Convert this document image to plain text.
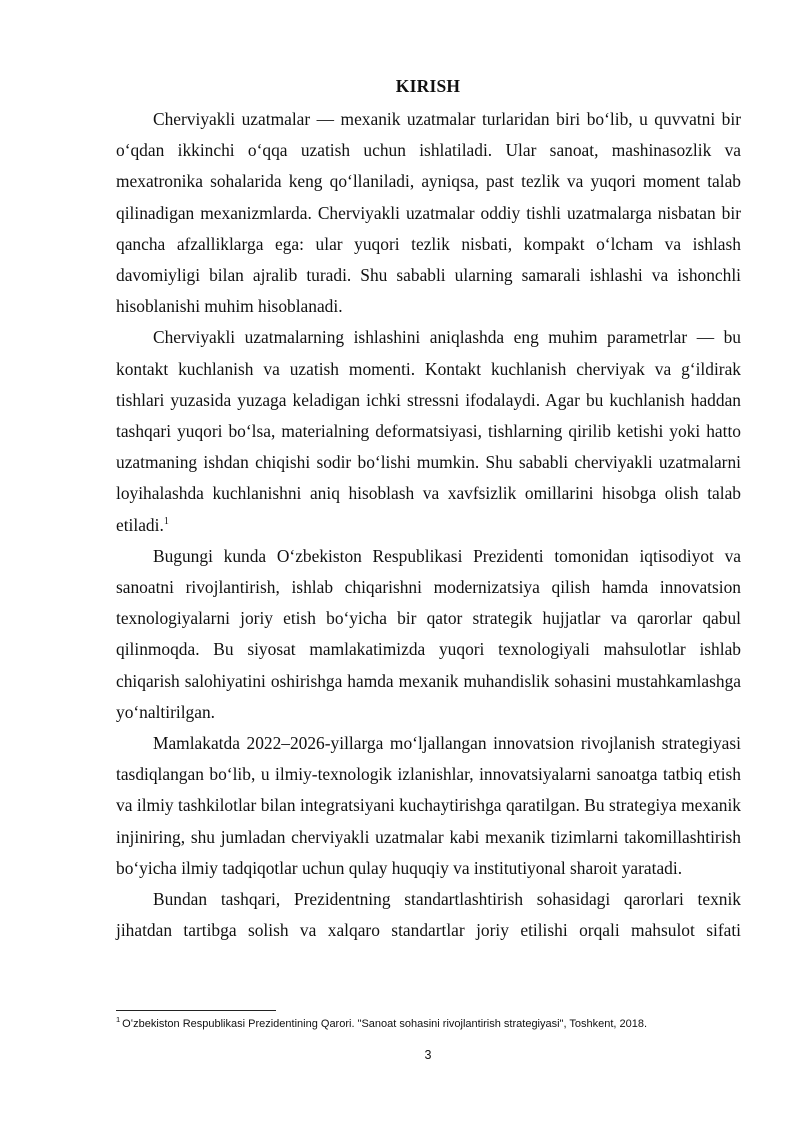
KIRISH

Cherviyakli uzatmalar — mexanik uzatmalar turlaridan biri boʻlib, u quvvatni bir oʻqdan ikkinchi oʻqqa uzatish uchun ishlatiladi. Ular sanoat, mashinasozlik va mexatronika sohalarida keng qoʻllaniladi, ayniqsa, past tezlik va yuqori moment talab qilinadigan mexanizmlarda. Cherviyakli uzatmalar oddiy tishli uzatmalarga nisbatan bir qancha afzalliklarga ega: ular yuqori tezlik nisbati, kompakt oʻlcham va ishlash davomiyligi bilan ajralib turadi. Shu sababli ularning samarali ishlashi va ishonchli hisoblanishi muhim hisoblanadi.

Cherviyakli uzatmalarning ishlashini aniqlashda eng muhim parametrlar — bu kontakt kuchlanish va uzatish momenti. Kontakt kuchlanish cherviyak va gʻildirak tishlari yuzasida yuzaga keladigan ichki stressni ifodalaydi. Agar bu kuchlanish haddan tashqari yuqori boʻlsa, materialning deformatsiyasi, tishlarning qirilib ketishi yoki hatto uzatmaning ishdan chiqishi sodir boʻlishi mumkin. Shu sababli cherviyakli uzatmalarni loyihalashda kuchlanishni aniq hisoblash va xavfsizlik omillarini hisobga olish talab etiladi.$^1$

Bugungi kunda Oʻzbekiston Respublikasi Prezidenti tomonidan iqtisodiyot va sanoatni rivojlantirish, ishlab chiqarishni modernizatsiya qilish hamda innovatsion texnologiyalarni joriy etish boʻyicha bir qator strategik hujjatlar va qarorlar qabul qilinmoqda. Bu siyosat mamlakatimizda yuqori texnologiyali mahsulotlar ishlab chiqarish salohiyatini oshirishga hamda mexanik muhandislik sohasini mustahkamlashga yoʻnaltirilgan.

Mamlakatda 2022–2026-yillarga moʻljallangan innovatsion rivojlanish strategiyasi tasdiqlangan boʻlib, u ilmiy-texnologik izlanishlar, innovatsiyalarni sanoatga tatbiq etish va ilmiy tashkilotlar bilan integratsiyani kuchaytirishga qaratilgan. Bu strategiya mexanik injiniring, shu jumladan cherviyakli uzatmalar kabi mexanik tizimlarni takomillashtirish boʻyicha ilmiy tadqiqotlar uchun qulay huquqiy va institutiyonal sharoit yaratadi.

Bundan tashqari, Prezidentning standartlashtirish sohasidagi qarorlari texnik jihatdan tartibga solish va xalqaro standartlar joriy etilishi orqali mahsulot sifati

$^1$ Oʻzbekiston Respublikasi Prezidentining Qarori. "Sanoat sohasini rivojlantirish strategiyasi", Toshkent, 2018.
3
